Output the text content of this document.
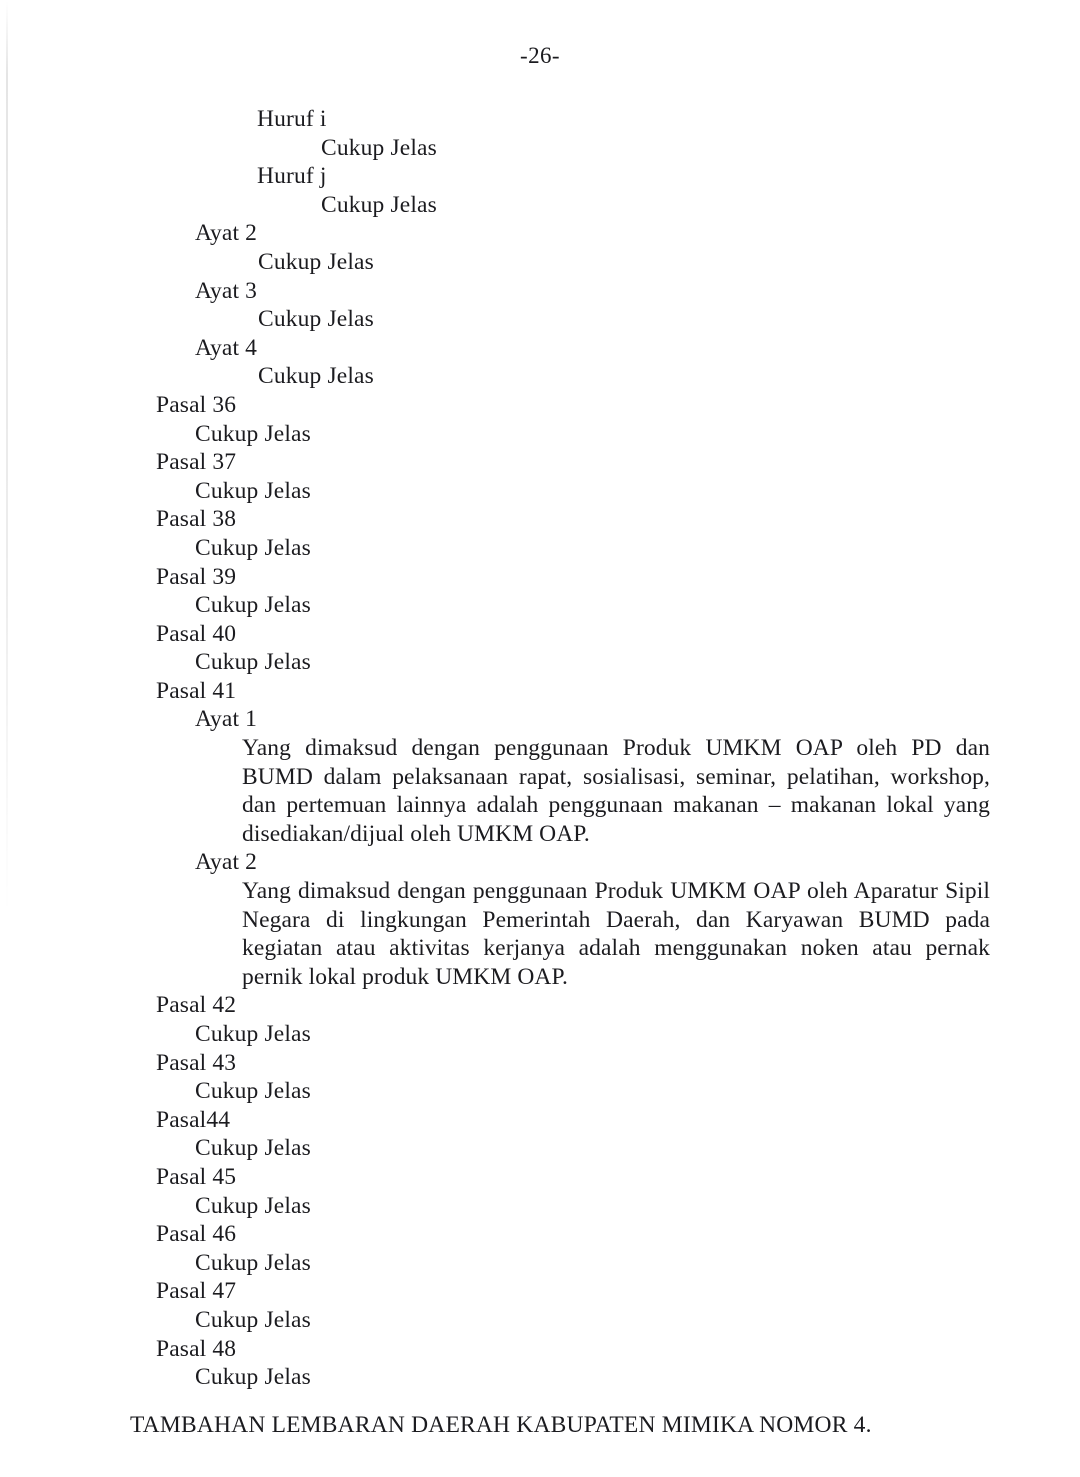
-26-
Huruf i
Cukup Jelas
Huruf j
Cukup Jelas
Ayat 2
Cukup Jelas
Ayat 3
Cukup Jelas
Ayat 4
Cukup Jelas
Pasal 36
Cukup Jelas
Pasal 37
Cukup Jelas
Pasal 38
Cukup Jelas
Pasal 39
Cukup Jelas
Pasal 40
Cukup Jelas
Pasal 41
Ayat 1
Yang dimaksud dengan penggunaan Produk UMKM OAP oleh PD dan BUMD dalam pelaksanaan rapat, sosialisasi, seminar, pelatihan, workshop, dan pertemuan lainnya adalah penggunaan makanan – makanan lokal yang disediakan/dijual oleh UMKM OAP.
Ayat 2
Yang dimaksud dengan penggunaan Produk UMKM OAP oleh Aparatur Sipil Negara di lingkungan Pemerintah Daerah, dan Karyawan BUMD pada kegiatan atau aktivitas kerjanya adalah menggunakan noken atau pernak pernik lokal produk UMKM OAP.
Pasal 42
Cukup Jelas
Pasal 43
Cukup Jelas
Pasal44
Cukup Jelas
Pasal 45
Cukup Jelas
Pasal 46
Cukup Jelas
Pasal 47
Cukup Jelas
Pasal 48
Cukup Jelas
TAMBAHAN LEMBARAN DAERAH KABUPATEN MIMIKA NOMOR 4.
